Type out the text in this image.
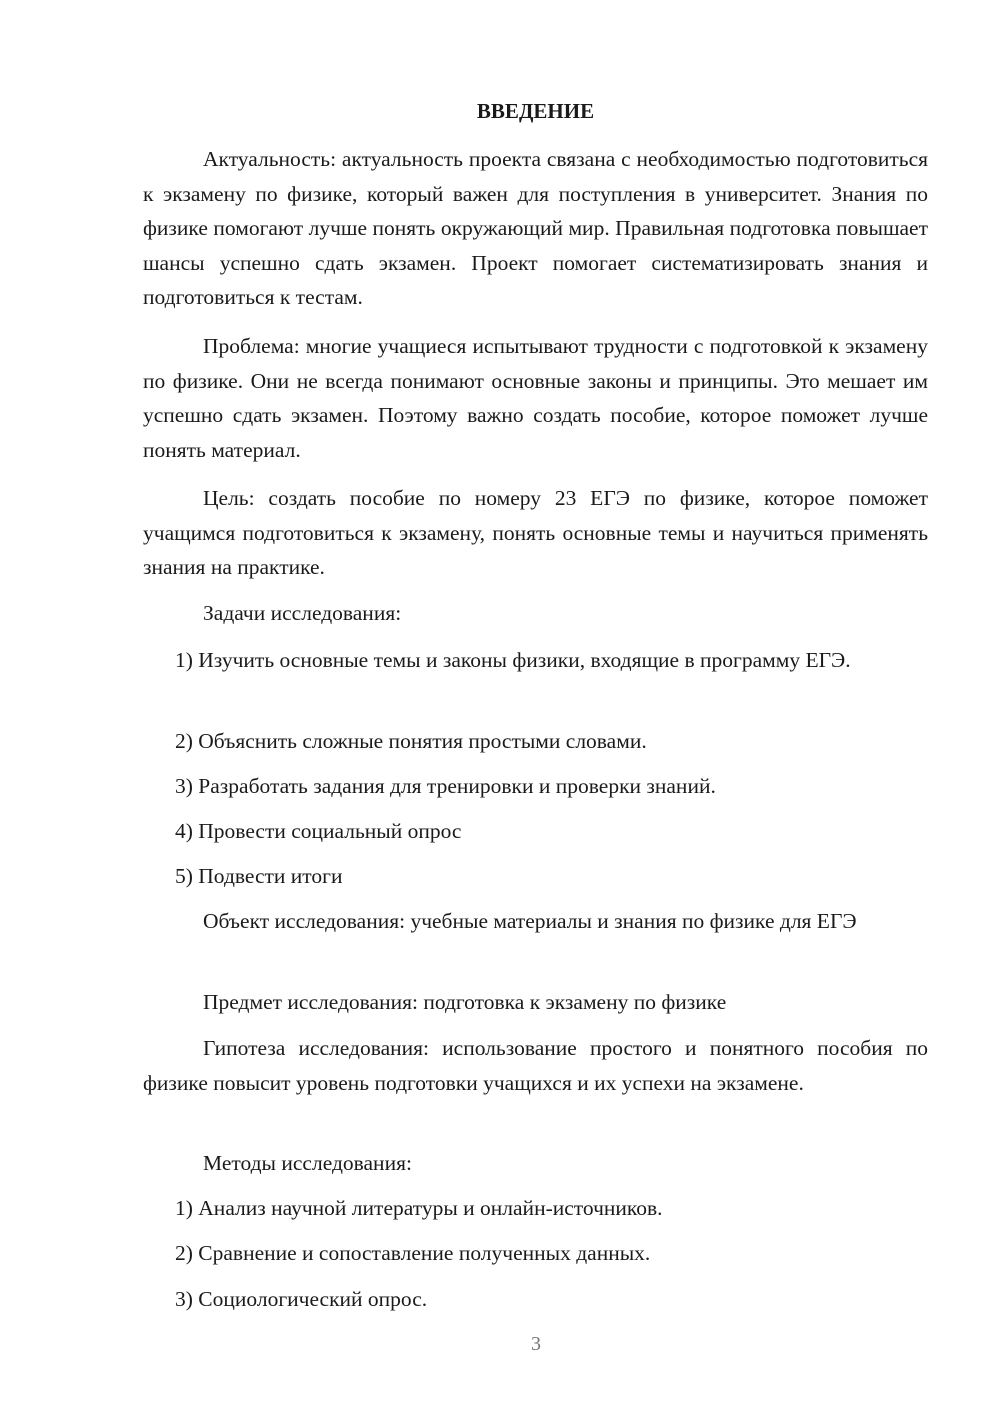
ВВЕДЕНИЕ

Актуальность: актуальность проекта связана с необходимостью подготовиться к экзамену по физике, который важен для поступления в университет. Знания по физике помогают лучше понять окружающий мир. Правильная подготовка повышает шансы успешно сдать экзамен. Проект помогает систематизировать знания и подготовиться к тестам.

Проблема: многие учащиеся испытывают трудности с подготовкой к экзамену по физике. Они не всегда понимают основные законы и принципы. Это мешает им успешно сдать экзамен. Поэтому важно создать пособие, которое поможет лучше понять материал.

Цель: создать пособие по номеру 23 ЕГЭ по физике, которое поможет учащимся подготовиться к экзамену, понять основные темы и научиться применять знания на практике.

Задачи исследования:

1) Изучить основные темы и законы физики, входящие в программу ЕГЭ.

2) Объяснить сложные понятия простыми словами.

3) Разработать задания для тренировки и проверки знаний.

4) Провести социальный опрос

5) Подвести итоги

Объект исследования: учебные материалы и знания по физике для ЕГЭ

Предмет исследования: подготовка к экзамену по физике

Гипотеза исследования: использование простого и понятного пособия по физике повысит уровень подготовки учащихся и их успехи на экзамене.

Методы исследования:

1) Анализ научной литературы и онлайн-источников.

2) Сравнение и сопоставление полученных данных.

3) Социологический опрос.

3
